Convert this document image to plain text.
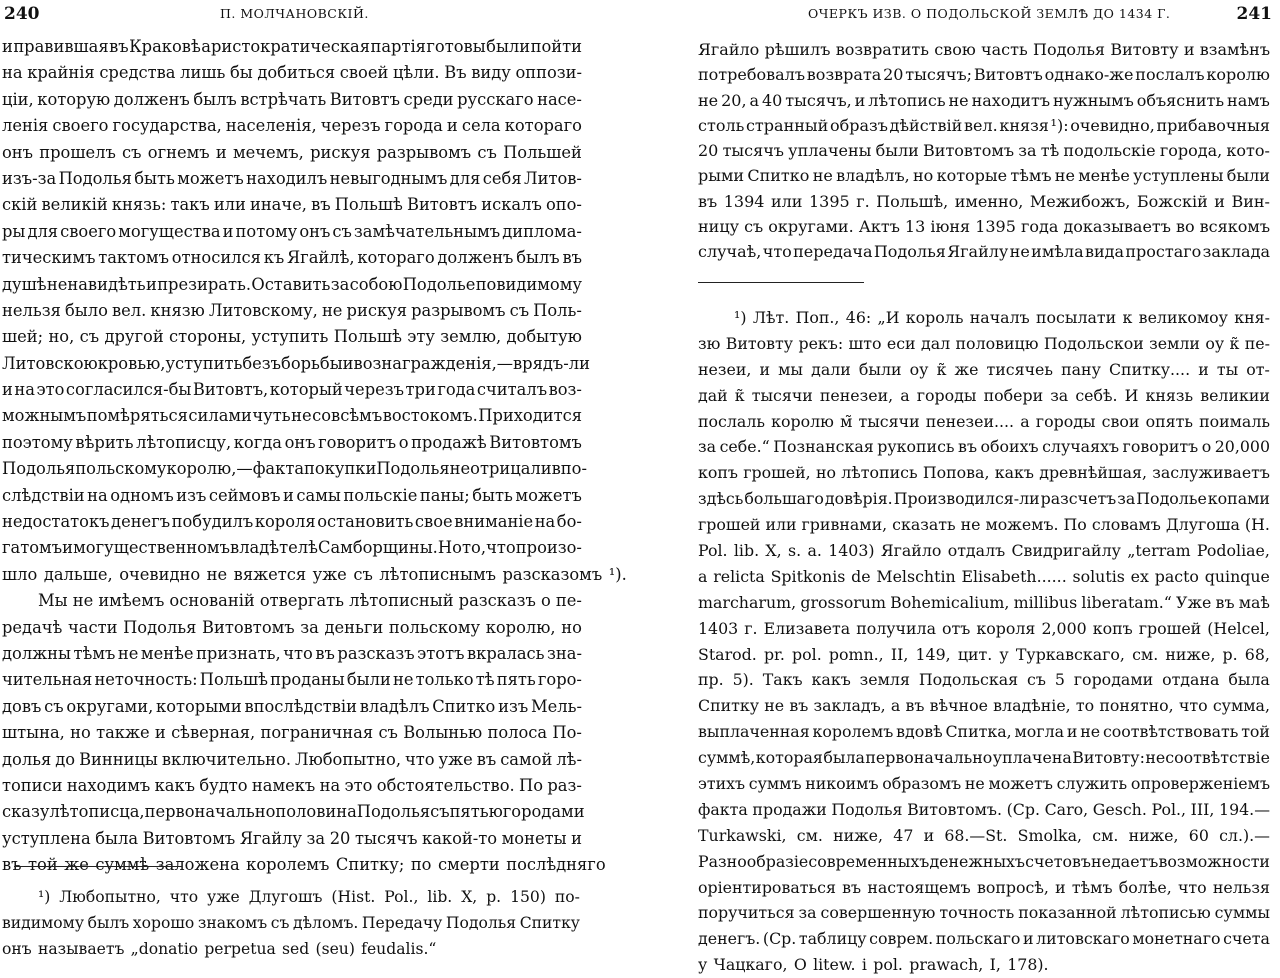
240	П. МОЛЧАНОВСКІЙ.
и правившая въ Краковѣ аристократическая партія готовы были пойти
на крайнія средства лишь бы добиться своей цѣли. Въ виду оппози-
ціи, которую долженъ былъ встрѣчать Витовтъ среди русскаго насе-
ленія своего государства, населенія, черезъ города и села котораго
онъ прошелъ съ огнемъ и мечемъ, рискуя разрывомъ съ Польшей
изъ-за Подолья быть можетъ находилъ невыгоднымъ для себя Литов-
скій великій князь: такъ или иначе, въ Польшѣ Витовтъ искалъ опо-
ры для своего могущества и потому онъ съ замѣчательнымъ диплома-
тическимъ тактомъ относился къ Ягайлѣ, котораго долженъ былъ въ
душѣ ненавидѣть и презирать. Оставить за собою Подолье повидимому
нельзя было вел. князю Литовскому, не рискуя разрывомъ съ Поль-
шей; но, съ другой стороны, уступить Польшѣ эту землю, добытую
Литовскою кровью, уступить безъ борьбы и вознагражденія,—врядъ-ли
и на это согласился-бы Витовтъ, который черезъ три года считалъ воз-
можнымъ помѣряться силами чуть не совсѣмъ востокомъ. Приходится
поэтому вѣрить лѣтописцу, когда онъ говоритъ о продажѣ Витовтомъ
Подолья польскому королю,—факта покупки Подолья не отрицали впо-
слѣдствіи на одномъ изъ сеймовъ и самы польскіе паны; быть можетъ
недостатокъ денегъ побудилъ короля остановить свое вниманіе на бо-
гатомъ и могущественномъ владѣтелѣ Самборщины. Но то, что произо-
шло дальше, очевидно не вяжется уже съ лѣтописнымъ разсказомъ ¹).
Мы не имѣемъ основаній отвергать лѣтописный разсказъ о пе-
редачѣ части Подолья Витовтомъ за деньги польскому королю, но
должны тѣмъ не менѣе признать, что въ разсказъ этотъ вкралась зна-
чительная неточность: Польшѣ проданы были не только тѣ пять горо-
довъ съ округами, которыми впослѣдствіи владѣлъ Спитко изъ Мель-
штына, но также и сѣверная, пограничная съ Волынью полоса По-
долья до Винницы включительно. Любопытно, что уже въ самой лѣ-
тописи находимъ какъ будто намекъ на это обстоятельство. По раз-
сказу лѣтописца, первоначально половина Подолья съ пятью городами
уступлена была Витовтомъ Ягайлу за 20 тысячъ какой-то монеты и
въ той же суммѣ заложена королемъ Спитку; по смерти послѣдняго
¹) Любопытно, что уже Длугошъ (Hist. Pol., lib. X, p. 150) по-
видимому былъ хорошо знакомъ съ дѣломъ. Передачу Подолья Спитку
онъ называетъ „donatio perpetua sed (seu) feudalis.“
ОЧЕРКЪ ИЗВ. О ПОДОЛЬСКОЙ ЗЕМЛѢ ДО 1434 Г.	241
Ягайло рѣшилъ возвратить свою часть Подолья Витовту и взамѣнъ
потребовалъ возврата 20 тысячъ; Витовтъ однако-же послалъ королю
не 20, а 40 тысячъ, и лѣтопись не находитъ нужнымъ объяснить намъ
столь странный образъ дѣйствій вел. князя ¹): очевидно, прибавочныя
20 тысячъ уплачены были Витовтомъ за тѣ подольскіе города, кото-
рыми Спитко не владѣлъ, но которые тѣмъ не менѣе уступлены были
въ 1394 или 1395 г. Польшѣ, именно, Межибожъ, Божскій и Вин-
ницу съ округами. Актъ 13 іюня 1395 года доказываетъ во всякомъ
случаѣ, что передача Подолья Ягайлу не имѣла вида простаго заклада
¹) Лѣт. Поп., 46: „И король началъ посылати к великомоу кня-
зю Витовту рекъ: што еси дал половицю Подольскои земли оу к̃ пе-
незеи, и мы дали были оу к̃ же тисячеь пану Спитку.... и ты от-
дай к̃ тысячи пенезеи, а городы побери за себѣ. И князь великии
послаль королю м̃ тысячи пенезеи.... а городы свои опять поималь
за себе.“ Познанская рукопись въ обоихъ случаяхъ говоритъ о 20,000
копъ грошей, но лѣтопись Попова, какъ древнѣйшая, заслуживаетъ
здѣсь большаго довѣрія. Производился-ли разсчетъ за Подолье копами
грошей или гривнами, сказать не можемъ. По словамъ Длугоша (H.
Pol. lib. X, s. a. 1403) Ягайло отдалъ Свидригайлу „terram Podoliae,
a relicta Spitkonis de Melschtin Elisabeth...... solutis ex pacto quinque
marcharum, grossorum Bohemicalium, millibus liberatam.“ Уже въ маѣ
1403 г. Елизавета получила отъ короля 2,000 копъ грошей (Helcel,
Starod. pr. pol. pomn., II, 149, цит. у Туркавскаго, см. ниже, р. 68,
пр. 5). Такъ какъ земля Подольская съ 5 городами отдана была
Спитку не въ закладъ, а въ вѣчное владѣніе, то понятно, что сумма,
выплаченная королемъ вдовѣ Спитка, могла и не соотвѣтствовать той
суммѣ, которая была первоначально уплачена Витовту: несоотвѣтствіе
этихъ суммъ никоимъ образомъ не можетъ служить опроверженіемъ
факта продажи Подолья Витовтомъ. (Ср. Caro, Gesch. Pol., III, 194.—
Turkawski, см. ниже, 47 и 68.—St. Smolka, см. ниже, 60 сл.).—
Разнообразіе современныхъ денежныхъ счетовъ не даетъ возможности
оріентироваться въ настоящемъ вопросѣ, и тѣмъ болѣе, что нельзя
поручиться за совершенную точность показанной лѣтописью суммы
денегъ. (Ср. таблицу соврем. польскаго и литовскаго монетнаго счета
у Чацкаго, O litew. i pol. prawach, I, 178).
